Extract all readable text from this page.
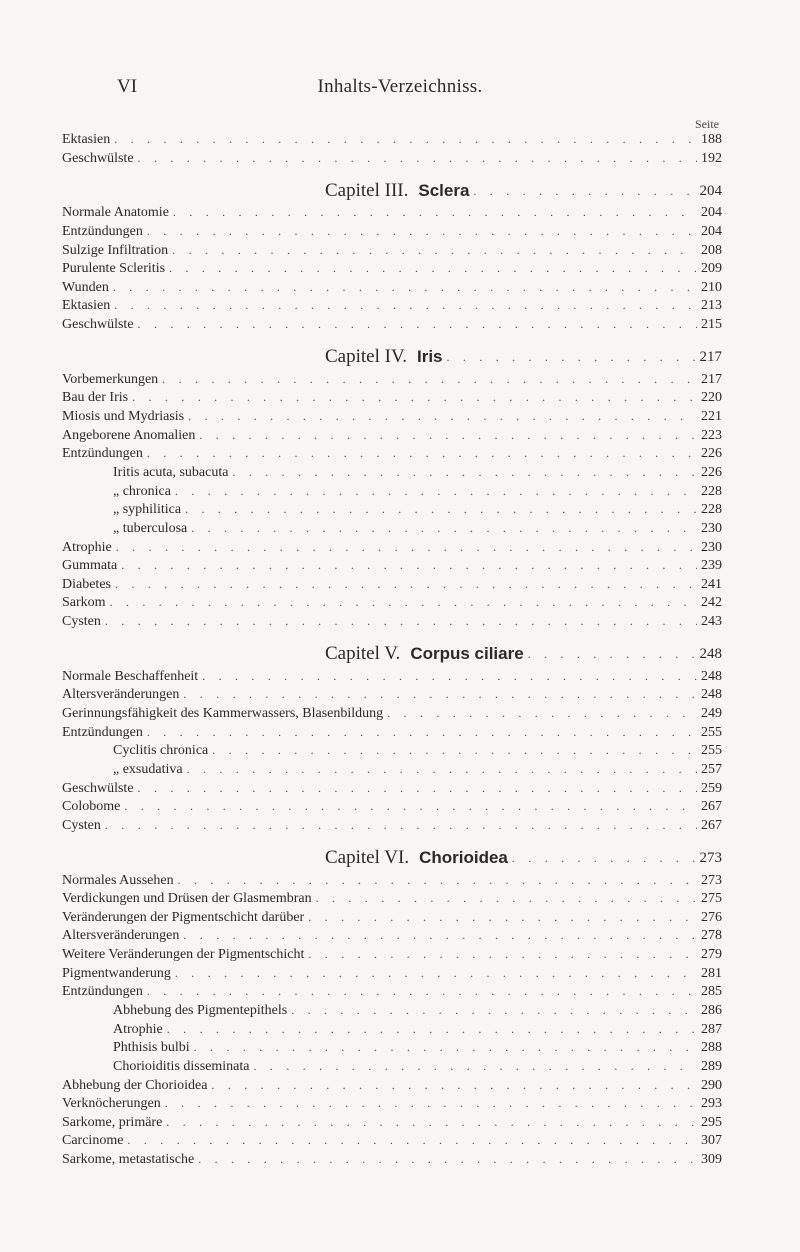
VI	Inhalts-Verzeichniss.
Seite
Ektasien . . .	188
Geschwülste . . .	192
Capitel III. Sclera . . .	204
Normale Anatomie . . .	204
Entzündungen . . .	204
Sulzige Infiltration . . .	208
Purulente Scleritis . . .	209
Wunden . . .	210
Ektasien . . .	213
Geschwülste . . .	215
Capitel IV. Iris . . .	217
Vorbemerkungen . . .	217
Bau der Iris . . .	220
Miosis und Mydriasis . . .	221
Angeborene Anomalien . . .	223
Entzündungen . . .	226
Iritis acuta, subacuta . . .	226
„ chronica . . .	228
„ syphilitica . . .	228
„ tuberculosa . . .	230
Atrophie . . .	230
Gummata . . .	239
Diabetes . . .	241
Sarkom . . .	242
Cysten . . .	243
Capitel V. Corpus ciliare . . .	248
Normale Beschaffenheit . . .	248
Altersveränderungen . . .	248
Gerinnungsfähigkeit des Kammerwassers, Blasenbildung . . .	249
Entzündungen . . .	255
Cyclitis chronica . . .	255
„ exsudativa . . .	257
Geschwülste . . .	259
Colobome . . .	267
Cysten . . .	267
Capitel VI. Chorioidea . . .	273
Normales Aussehen . . .	273
Verdickungen und Drüsen der Glasmembran . . .	275
Veränderungen der Pigmentschicht darüber . . .	276
Altersveränderungen . . .	278
Weitere Veränderungen der Pigmentschicht . . .	279
Pigmentwanderung . . .	281
Entzündungen . . .	285
Abhebung des Pigmentepithels . . .	286
Atrophie . . .	287
Phthisis bulbi . . .	288
Chorioiditis disseminata . . .	289
Abhebung der Chorioidea . . .	290
Verknöcherungen . . .	293
Sarkome, primäre . . .	295
Carcinome . . .	307
Sarkome, metastatische . . .	309
